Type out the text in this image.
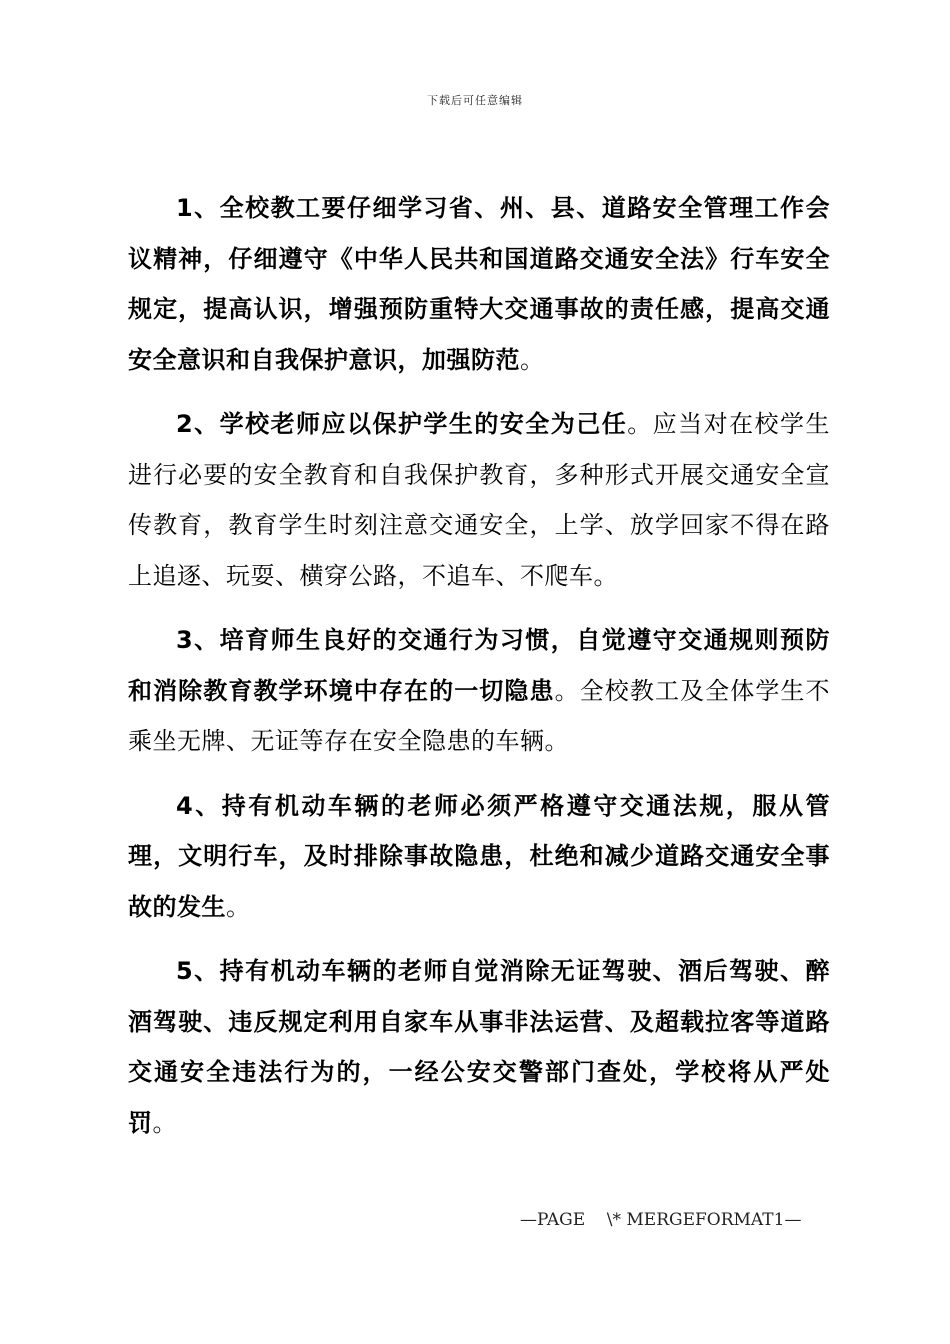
下载后可任意编辑

1、全校教工要仔细学习省、州、县、道路安全管理工作会议精神，仔细遵守《中华人民共和国道路交通安全法》行车安全规定，提高认识，增强预防重特大交通事故的责任感，提高交通安全意识和自我保护意识，加强防范。

2、学校老师应以保护学生的安全为己任。应当对在校学生进行必要的安全教育和自我保护教育，多种形式开展交通安全宣传教育，教育学生时刻注意交通安全，上学、放学回家不得在路上追逐、玩耍、横穿公路，不追车、不爬车。

3、培育师生良好的交通行为习惯，自觉遵守交通规则预防和消除教育教学环境中存在的一切隐患。全校教工及全体学生不乘坐无牌、无证等存在安全隐患的车辆。

4、持有机动车辆的老师必须严格遵守交通法规，服从管理，文明行车，及时排除事故隐患，杜绝和减少道路交通安全事故的发生。

5、持有机动车辆的老师自觉消除无证驾驶、酒后驾驶、醉酒驾驶、违反规定利用自家车从事非法运营、及超载拉客等道路交通安全违法行为的，一经公安交警部门查处，学校将从严处罚。

—PAGE    \* MERGEFORMAT1—
